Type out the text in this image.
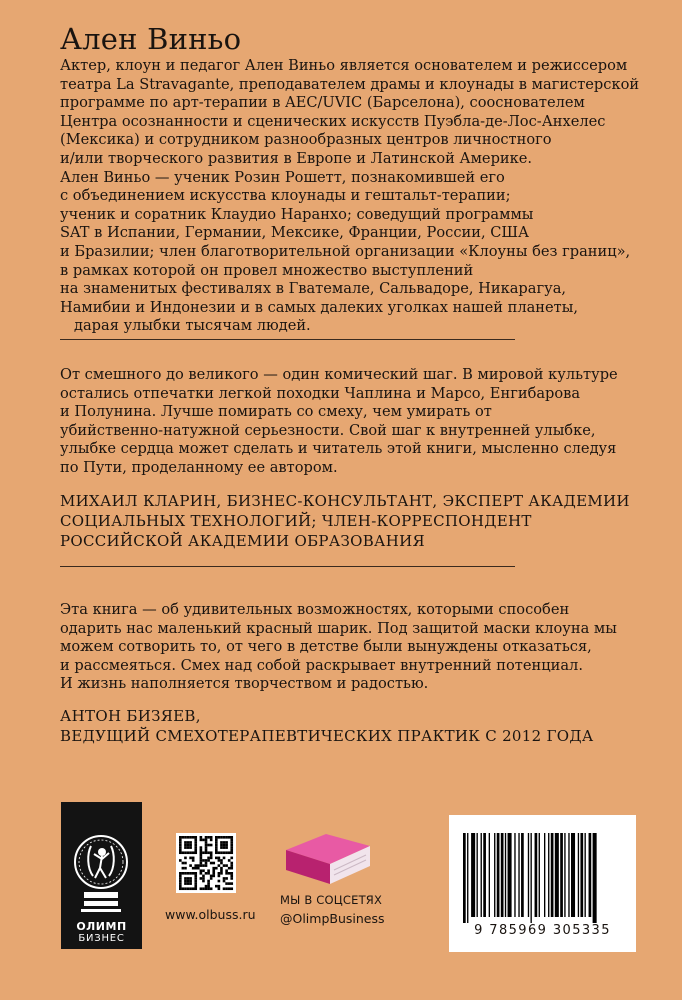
Ален Виньо
Актер, клоун и педагог Ален Виньо является основателем и режиссером
театра La Stravagante, преподавателем драмы и клоунады в магистерской
программе по арт-терапии в AEC/UVIC (Барселона), сооснователем
Центра осознанности и сценических искусств Пуэбла-де-Лос-Анхелес
(Мексика) и сотрудником разнообразных центров личностного
и/или творческого развития в Европе и Латинской Америке.
Ален Виньо — ученик Розин Рошетт, познакомившей его
с объединением искусства клоунады и гештальт-терапии;
ученик и соратник Клаудио Наранхо; соведущий программы
SAT в Испании, Германии, Мексике, Франции, России, США
и Бразилии; член благотворительной организации «Клоуны без границ»,
в рамках которой он провел множество выступлений
на знаменитых фестивалях в Гватемале, Сальвадоре, Никарагуа,
Намибии и Индонезии и в самых далеких уголках нашей планеты,
дарая улыбки тысячам людей.
От смешного до великого — один комический шаг. В мировой культуре
остались отпечатки легкой походки Чаплина и Марсо, Енгибарова
и Полунина. Лучше помирать со смеху, чем умирать от
убийственно-натужной серьезности. Свой шаг к внутренней улыбке,
улыбке сердца может сделать и читатель этой книги, мысленно следуя
по Пути, проделанному ее автором.
МИХАИЛ КЛАРИН, БИЗНЕС-КОНСУЛЬТАНТ, ЭКСПЕРТ АКАДЕМИИ
СОЦИАЛЬНЫХ ТЕХНОЛОГИЙ; ЧЛЕН-КОРРЕСПОНДЕНТ
РОССИЙСКОЙ АКАДЕМИИ ОБРАЗОВАНИЯ
Эта книга — об удивительных возможностях, которыми способен
одарить нас маленький красный шарик. Под защитой маски клоуна мы
можем сотворить то, от чего в детстве были вынуждены отказаться,
и рассмеяться. Смех над собой раскрывает внутренний потенциал.
И жизнь наполняется творчеством и радостью.
АНТОН БИЗЯЕВ,
ВЕДУЩИЙ СМЕХОТЕРАПЕВТИЧЕСКИХ ПРАКТИК С 2012 ГОДА
ОЛИМП
БИЗНЕС
www.olbuss.ru
МЫ В СОЦСЕТЯХ
@OlimpBusiness
9 785969 305335
